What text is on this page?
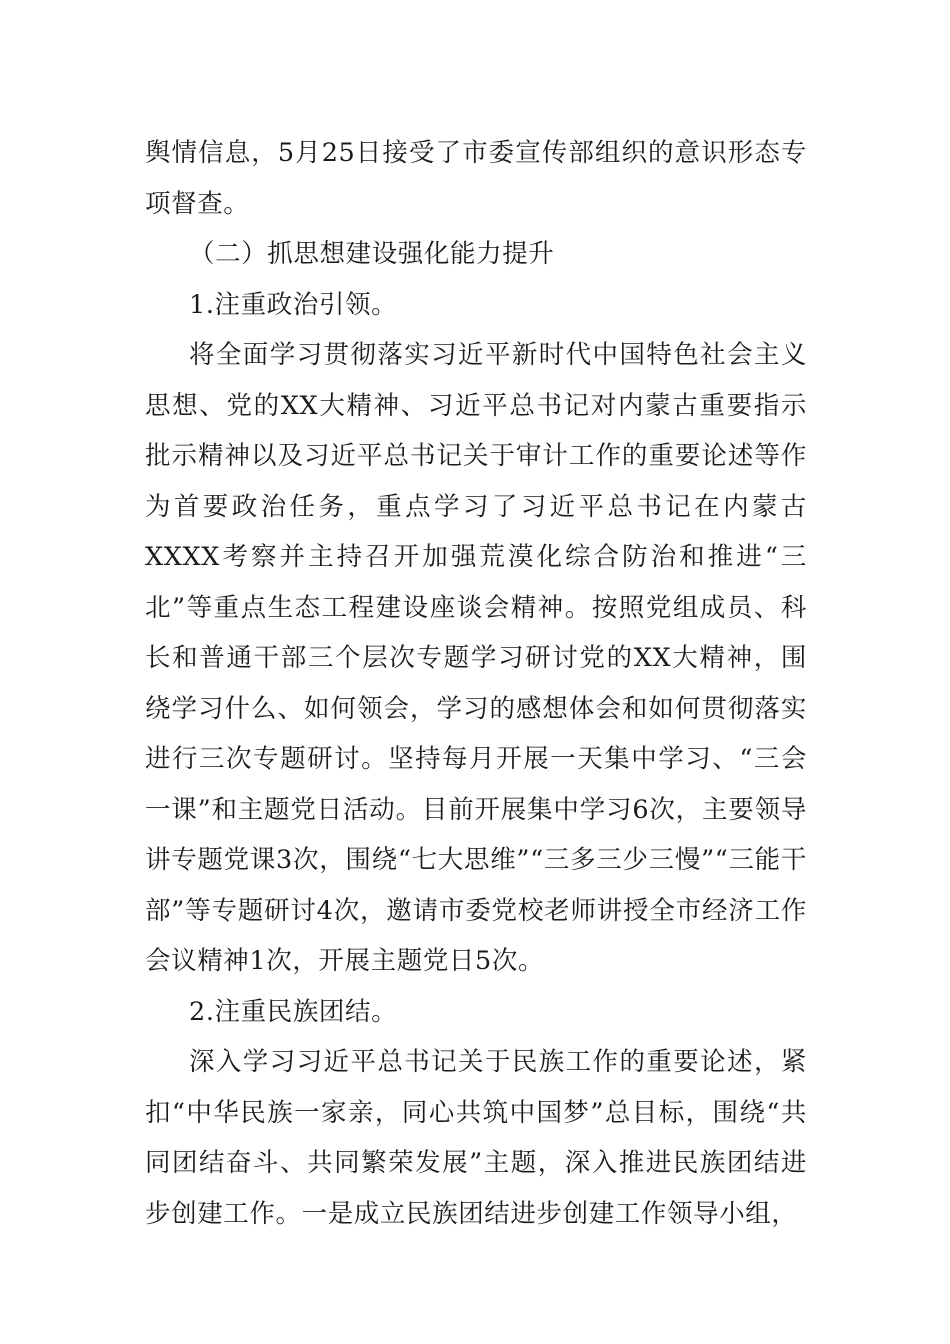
舆情信息，5月25日接受了市委宣传部组织的意识形态专项督查。

（二）抓思想建设强化能力提升

1.注重政治引领。

将全面学习贯彻落实习近平新时代中国特色社会主义思想、党的XX大精神、习近平总书记对内蒙古重要指示批示精神以及习近平总书记关于审计工作的重要论述等作为首要政治任务，重点学习了习近平总书记在内蒙古XXXX考察并主持召开加强荒漠化综合防治和推进“三北”等重点生态工程建设座谈会精神。按照党组成员、科长和普通干部三个层次专题学习研讨党的XX大精神，围绕学习什么、如何领会，学习的感想体会和如何贯彻落实进行三次专题研讨。坚持每月开展一天集中学习、“三会一课”和主题党日活动。目前开展集中学习6次，主要领导讲专题党课3次，围绕“七大思维”“三多三少三慢”“三能干部”等专题研讨4次，邀请市委党校老师讲授全市经济工作会议精神1次，开展主题党日5次。

2.注重民族团结。

深入学习习近平总书记关于民族工作的重要论述，紧扣“中华民族一家亲，同心共筑中国梦”总目标，围绕“共同团结奋斗、共同繁荣发展”主题，深入推进民族团结进步创建工作。一是成立民族团结进步创建工作领导小组，
